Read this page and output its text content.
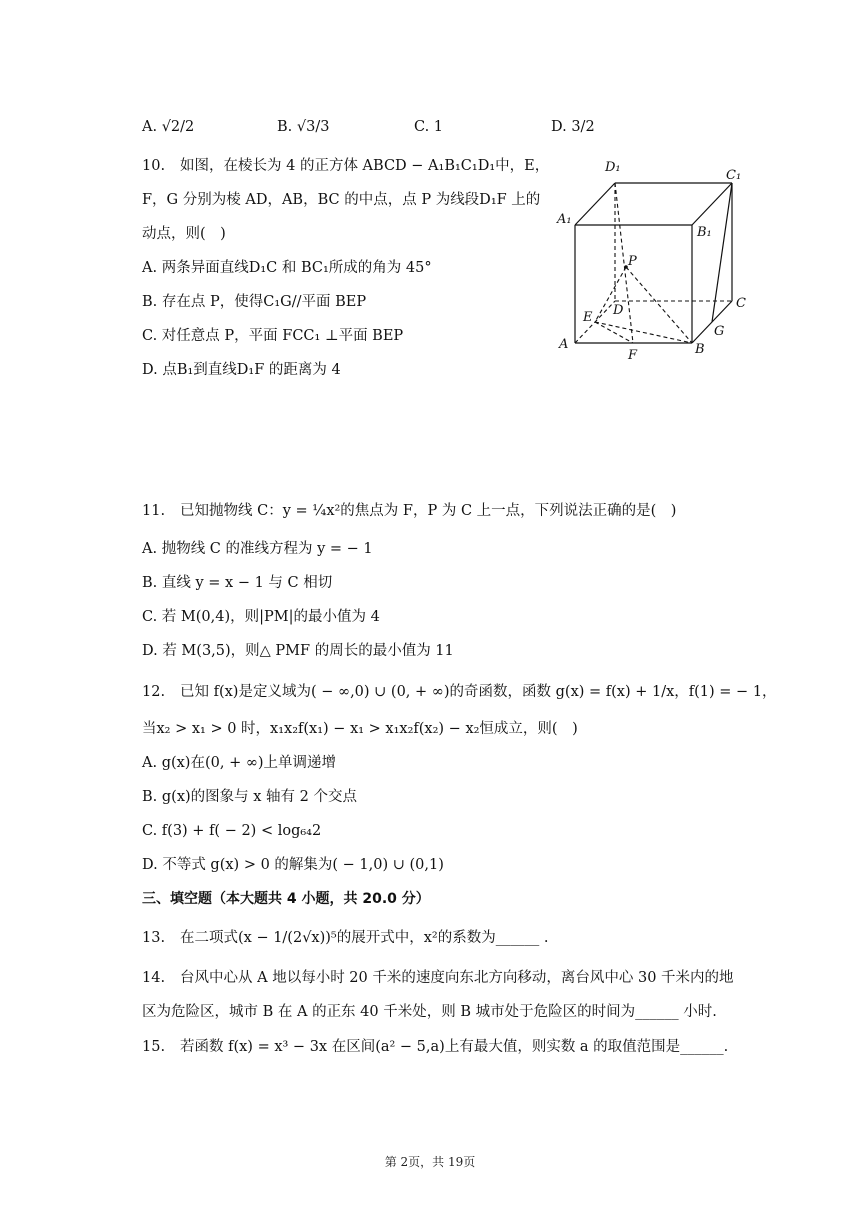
A. √2/2	B. √3/3	C. 1	D. 3/2
10. 如图，在棱长为 4 的正方体 ABCD − A₁B₁C₁D₁中，E，
F，G 分别为棱 AD，AB，BC 的中点，点 P 为线段D₁F 上的
动点，则(　)
A. 两条异面直线D₁C 和 BC₁所成的角为 45°
B. 存在点 P，使得C₁G//平面 BEP
C. 对任意点 P，平面 FCC₁ ⊥平面 BEP
D. 点B₁到直线D₁F 的距离为 4
D₁
C₁
A₁
B₁
P
E D	C
A	B
F
G
11. 已知抛物线 C：y = ¼x²的焦点为 F，P 为 C 上一点，下列说法正确的是(　)
A. 抛物线 C 的准线方程为 y = − 1
B. 直线 y = x − 1 与 C 相切
C. 若 M(0,4)，则|PM|的最小值为 4
D. 若 M(3,5)，则△ PMF 的周长的最小值为 11
12. 已知 f(x)是定义域为( − ∞,0) ∪ (0, + ∞)的奇函数，函数 g(x) = f(x) + 1/x，f(1) = − 1，
当x₂ > x₁ > 0 时，x₁x₂f(x₁) − x₁ > x₁x₂f(x₂) − x₂恒成立，则(　)
A. g(x)在(0, + ∞)上单调递增
B. g(x)的图象与 x 轴有 2 个交点
C. f(3) + f( − 2) < log₆₄2
D. 不等式 g(x) > 0 的解集为( − 1,0) ∪ (0,1)
三、填空题（本大题共 4 小题，共 20.0 分）
13. 在二项式(x − 1/(2√x))⁵的展开式中，x²的系数为______ .
14. 台风中心从 A 地以每小时 20 千米的速度向东北方向移动，离台风中心 30 千米内的地
区为危险区，城市 B 在 A 的正东 40 千米处，则 B 城市处于危险区的时间为______ 小时.
15. 若函数 f(x) = x³ − 3x 在区间(a² − 5,a)上有最大值，则实数 a 的取值范围是______.
第 2页，共 19页
